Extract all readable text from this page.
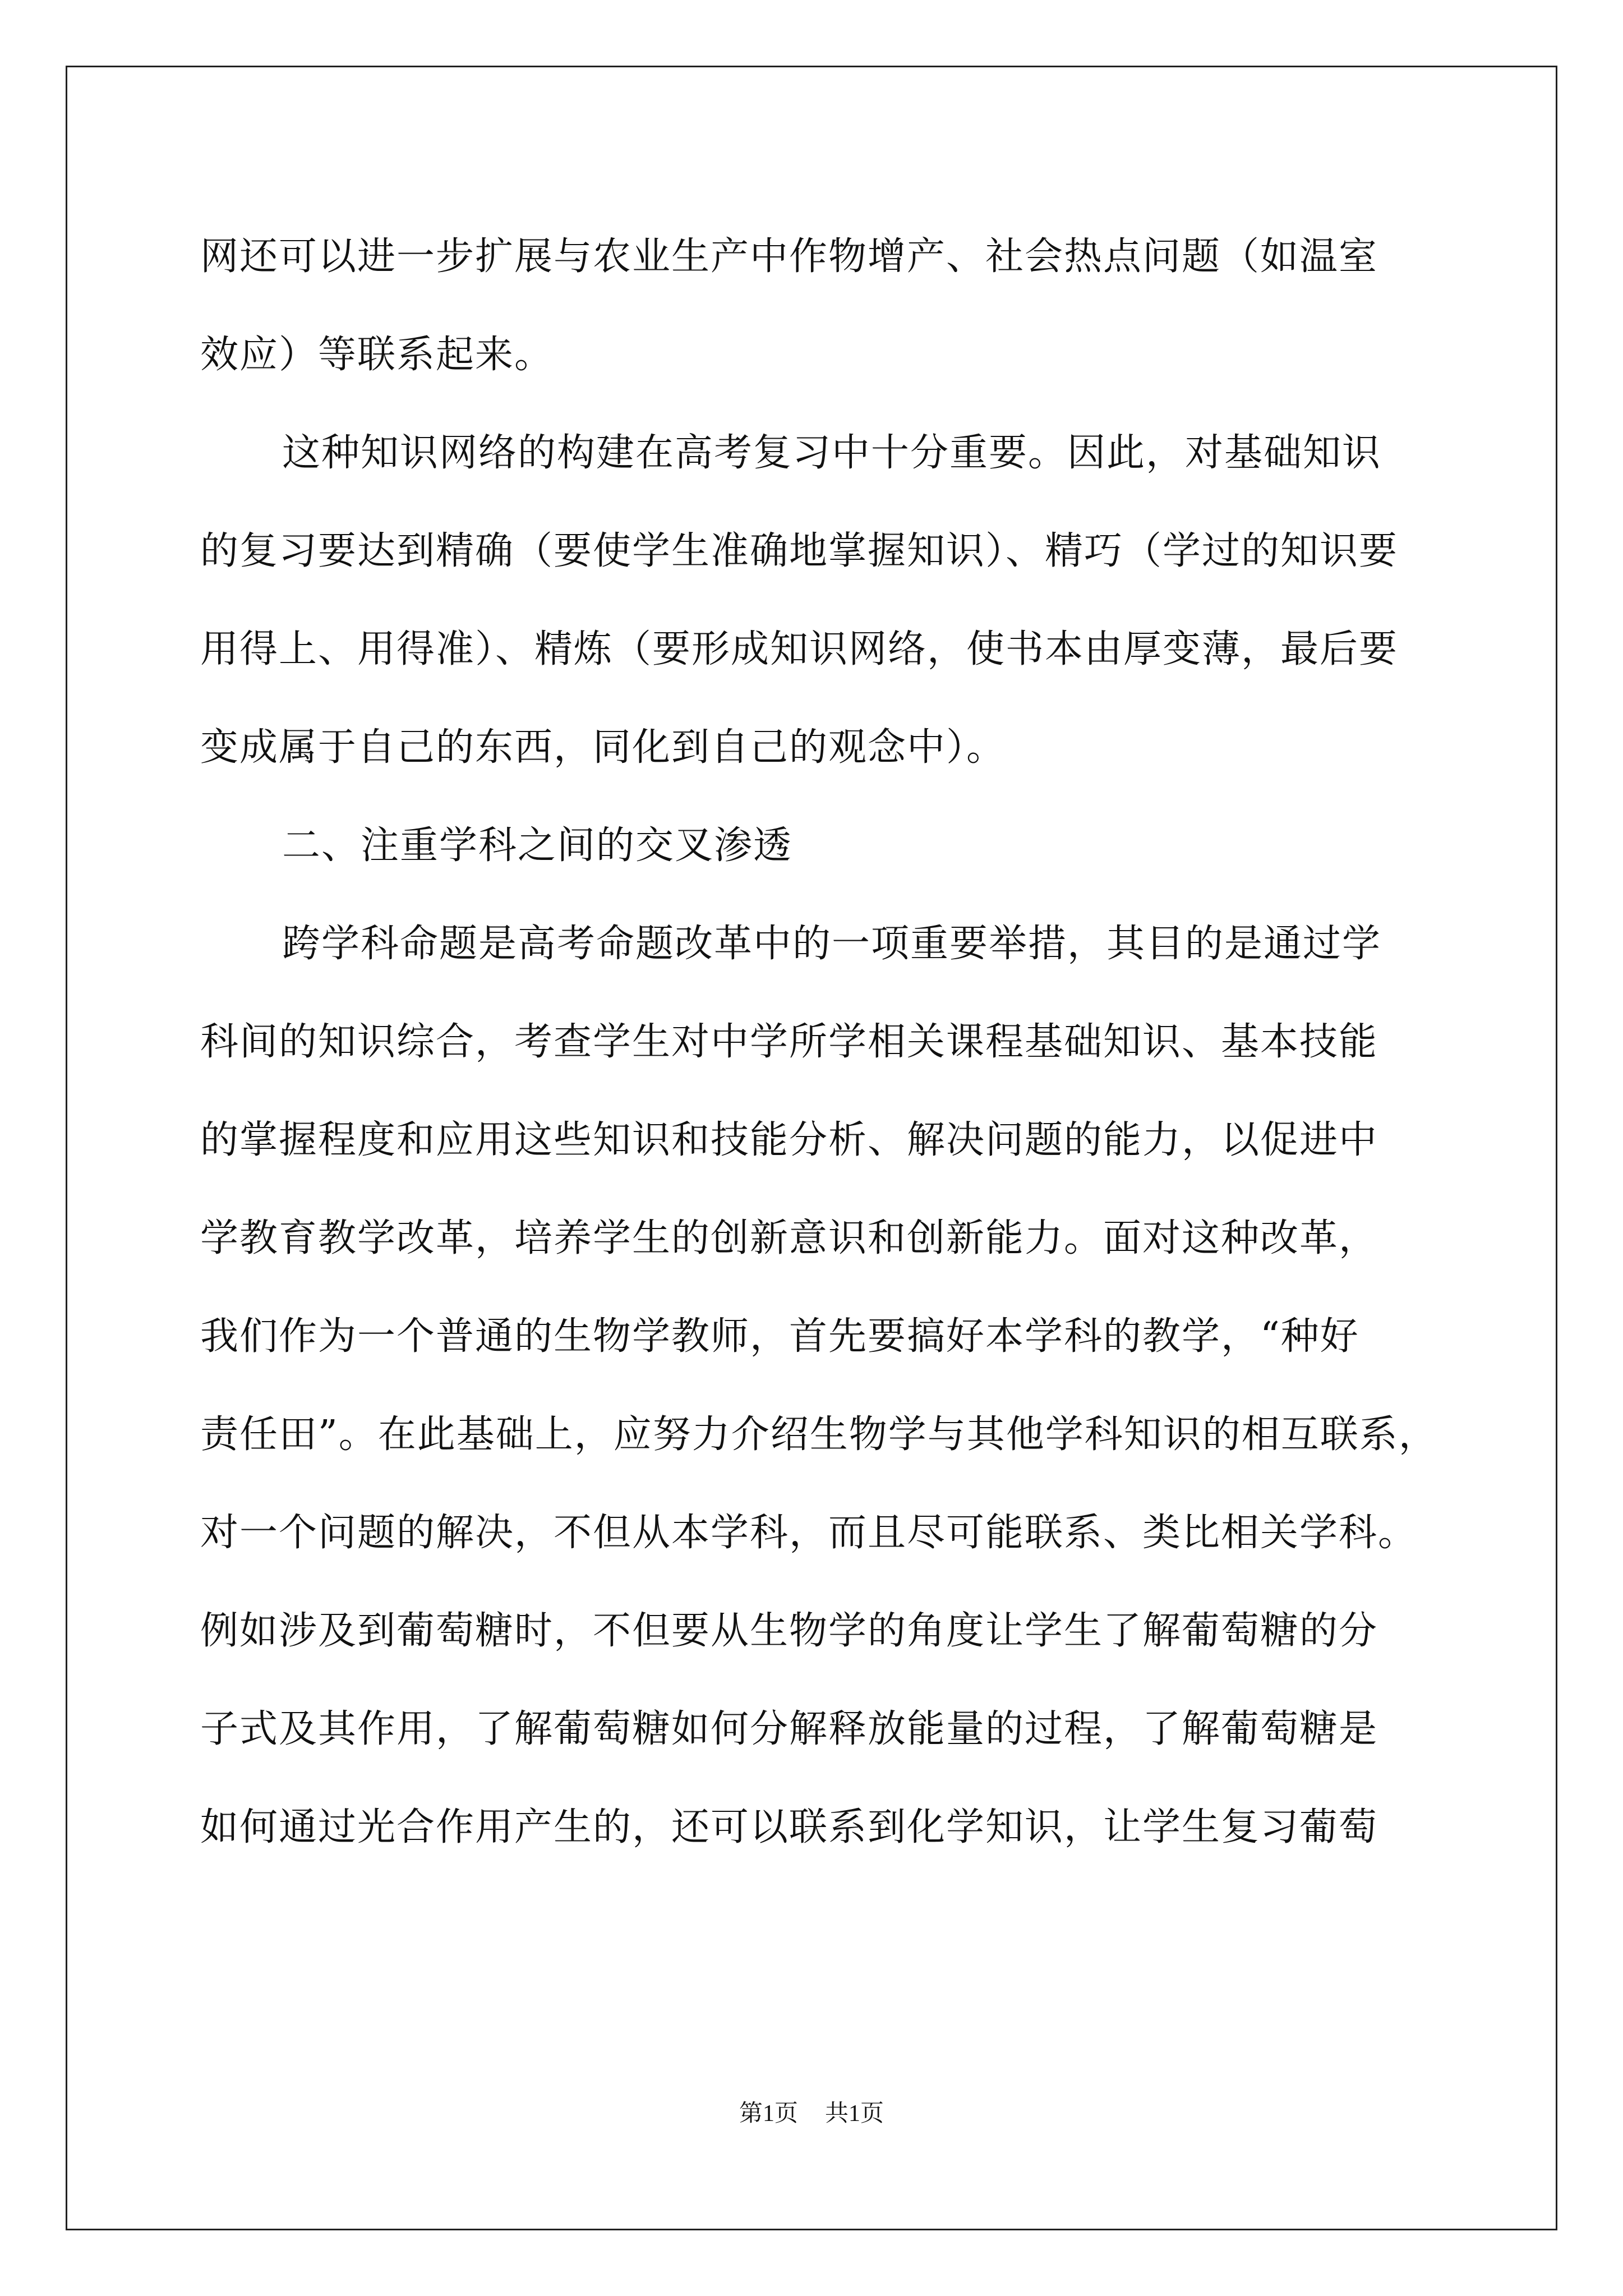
网还可以进一步扩展与农业生产中作物增产、社会热点问题（如温室
效应）等联系起来。
这种知识网络的构建在高考复习中十分重要。因此，对基础知识
的复习要达到精确（要使学生准确地掌握知识）、精巧（学过的知识要
用得上、用得准）、精炼（要形成知识网络，使书本由厚变薄，最后要
变成属于自己的东西，同化到自己的观念中）。
二、注重学科之间的交叉渗透
跨学科命题是高考命题改革中的一项重要举措，其目的是通过学
科间的知识综合，考查学生对中学所学相关课程基础知识、基本技能
的掌握程度和应用这些知识和技能分析、解决问题的能力，以促进中
学教育教学改革，培养学生的创新意识和创新能力。面对这种改革，
我们作为一个普通的生物学教师，首先要搞好本学科的教学，“种好
责任田”。在此基础上，应努力介绍生物学与其他学科知识的相互联系，
对一个问题的解决，不但从本学科，而且尽可能联系、类比相关学科。
例如涉及到葡萄糖时，不但要从生物学的角度让学生了解葡萄糖的分
子式及其作用，了解葡萄糖如何分解释放能量的过程，了解葡萄糖是
如何通过光合作用产生的，还可以联系到化学知识，让学生复习葡萄
第1页 共1页
